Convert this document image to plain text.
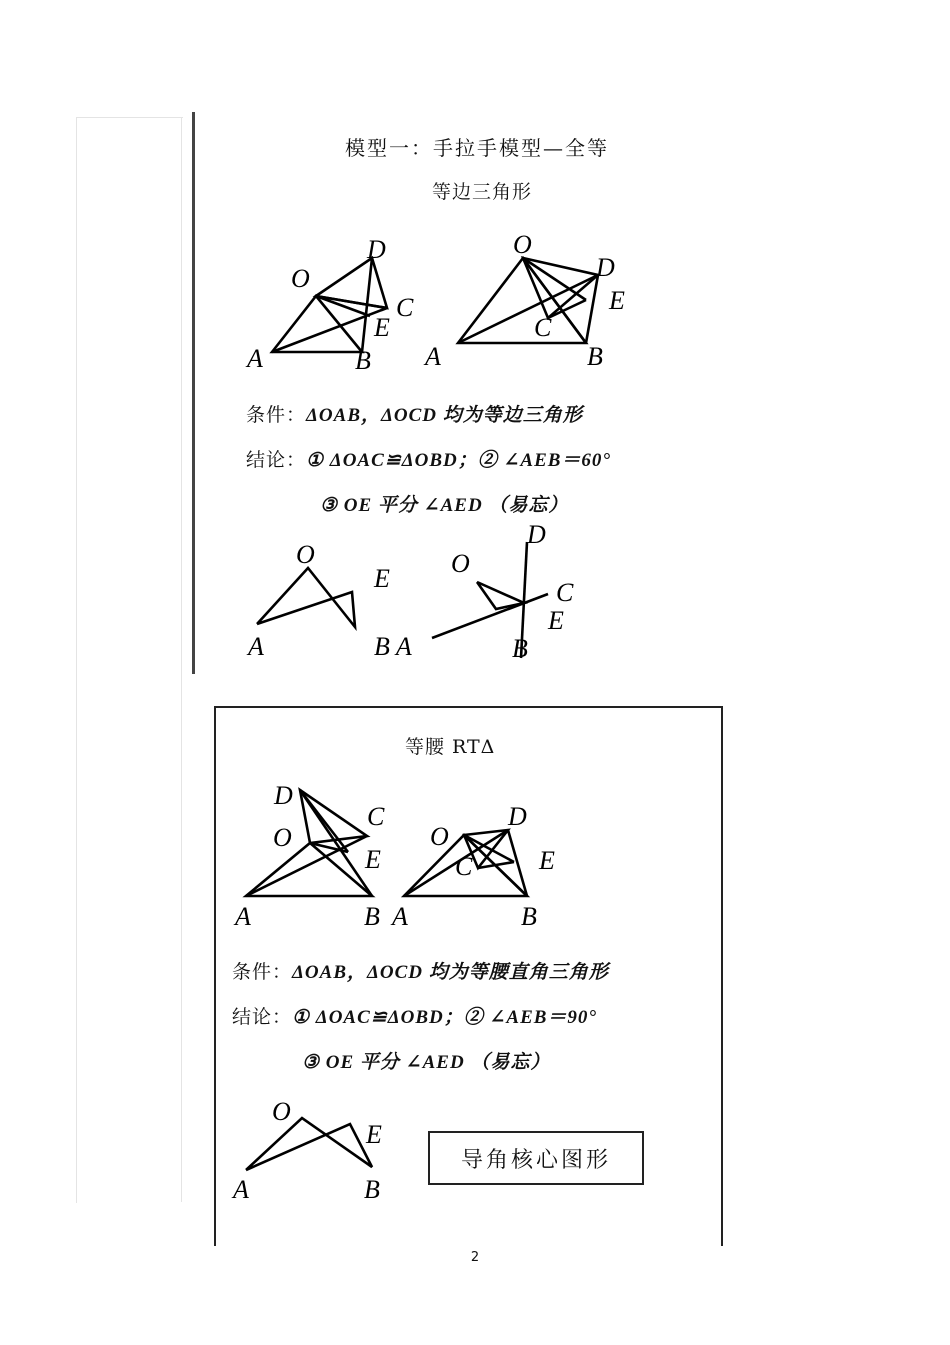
模型一：手拉手模型—全等
等边三角形
条件：ΔOAB，ΔOCD 均为等边三角形
结论：① ΔOAC≌ΔOBD；② ∠AEB＝60°
③ OE 平分 ∠AED （易忘）
等腰 RTΔ
条件：ΔOAB，ΔOCD 均为等腰直角三角形
结论：① ΔOAC≌ΔOBD；② ∠AEB＝90°
③ OE 平分 ∠AED （易忘）
导角核心图形
2
O
D
C
E
A	B
O
D
E
C
A	B
O
E
A	B A
D
O
C
E
B
D
C
O
E
A	B
O
D
C	E
A	B
O
E
A	B
